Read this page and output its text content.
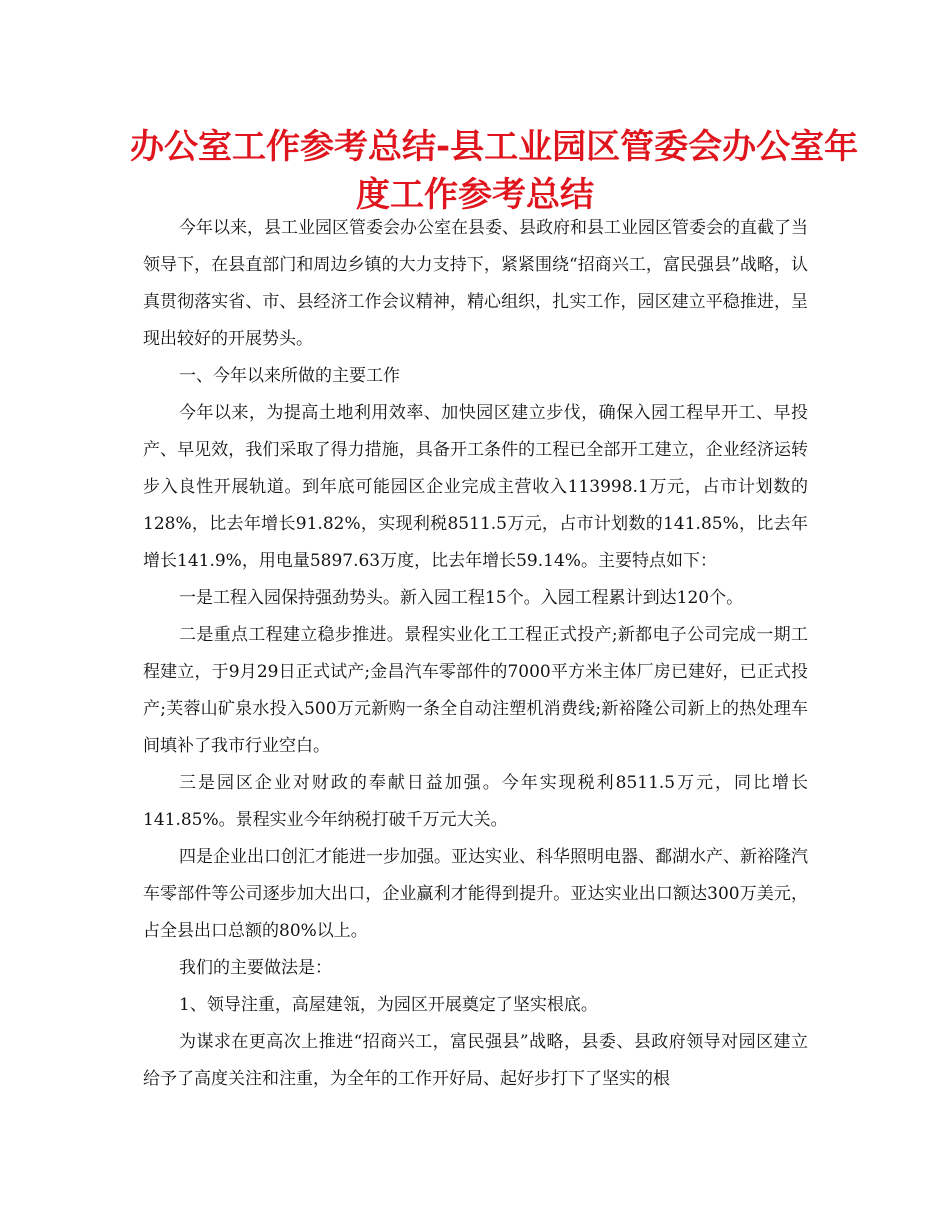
办公室工作参考总结-县工业园区管委会办公室年
度工作参考总结

今年以来，县工业园区管委会办公室在县委、县政府和县工业园区管委会的直截了当领导下，在县直部门和周边乡镇的大力支持下，紧紧围绕“招商兴工，富民强县”战略，认真贯彻落实省、市、县经济工作会议精神，精心组织，扎实工作，园区建立平稳推进，呈现出较好的开展势头。

一、今年以来所做的主要工作

今年以来，为提高土地利用效率、加快园区建立步伐，确保入园工程早开工、早投产、早见效，我们采取了得力措施，具备开工条件的工程已全部开工建立，企业经济运转步入良性开展轨道。到年底可能园区企业完成主营收入113998.1万元，占市计划数的128%，比去年增长91.82%，实现利税8511.5万元，占市计划数的141.85%，比去年增长141.9%，用电量5897.63万度，比去年增长59.14%。主要特点如下：

一是工程入园保持强劲势头。新入园工程15个。入园工程累计到达120个。

二是重点工程建立稳步推进。景程实业化工工程正式投产;新都电子公司完成一期工程建立，于9月29日正式试产;金昌汽车零部件的7000平方米主体厂房已建好，已正式投产;芙蓉山矿泉水投入500万元新购一条全自动注塑机消费线;新裕隆公司新上的热处理车间填补了我市行业空白。

三是园区企业对财政的奉献日益加强。今年实现税利8511.5万元，同比增长141.85%。景程实业今年纳税打破千万元大关。

四是企业出口创汇才能进一步加强。亚达实业、科华照明电器、鄱湖水产、新裕隆汽车零部件等公司逐步加大出口，企业赢利才能得到提升。亚达实业出口额达300万美元，占全县出口总额的80%以上。

我们的主要做法是：

1、领导注重，高屋建瓴，为园区开展奠定了坚实根底。

为谋求在更高次上推进“招商兴工，富民强县”战略，县委、县政府领导对园区建立给予了高度关注和注重，为全年的工作开好局、起好步打下了坚实的根
